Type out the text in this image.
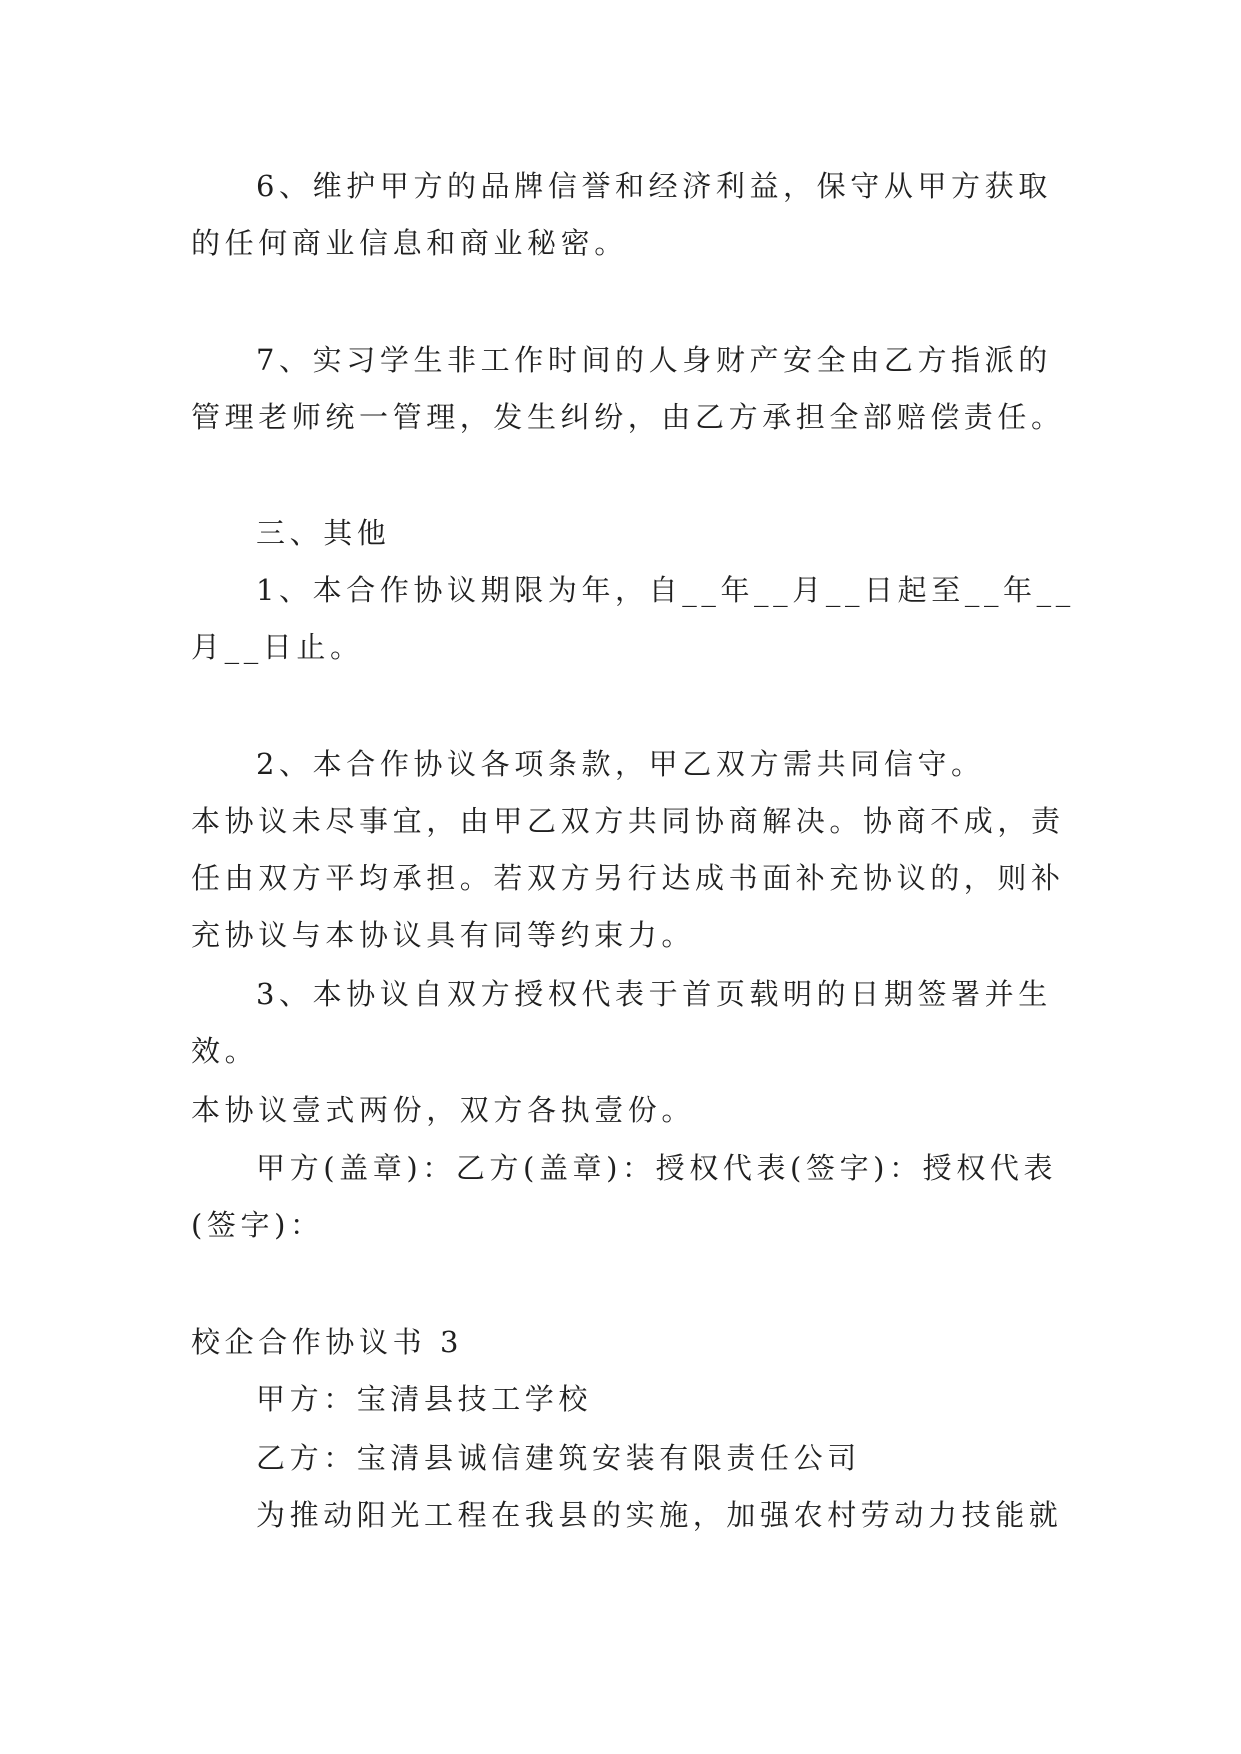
6、维护甲方的品牌信誉和经济利益，保守从甲方获取
的任何商业信息和商业秘密。
7、实习学生非工作时间的人身财产安全由乙方指派的
管理老师统一管理，发生纠纷，由乙方承担全部赔偿责任。
三、其他
1、本合作协议期限为年，自__年__月__日起至__年__
月__日止。
2、本合作协议各项条款，甲乙双方需共同信守。
本协议未尽事宜，由甲乙双方共同协商解决。协商不成，责
任由双方平均承担。若双方另行达成书面补充协议的，则补
充协议与本协议具有同等约束力。
3、本协议自双方授权代表于首页载明的日期签署并生
效。
本协议壹式两份，双方各执壹份。
甲方(盖章)：乙方(盖章)：授权代表(签字)：授权代表
(签字)：
校企合作协议书 3
甲方：宝清县技工学校
乙方：宝清县诚信建筑安装有限责任公司
为推动阳光工程在我县的实施，加强农村劳动力技能就
